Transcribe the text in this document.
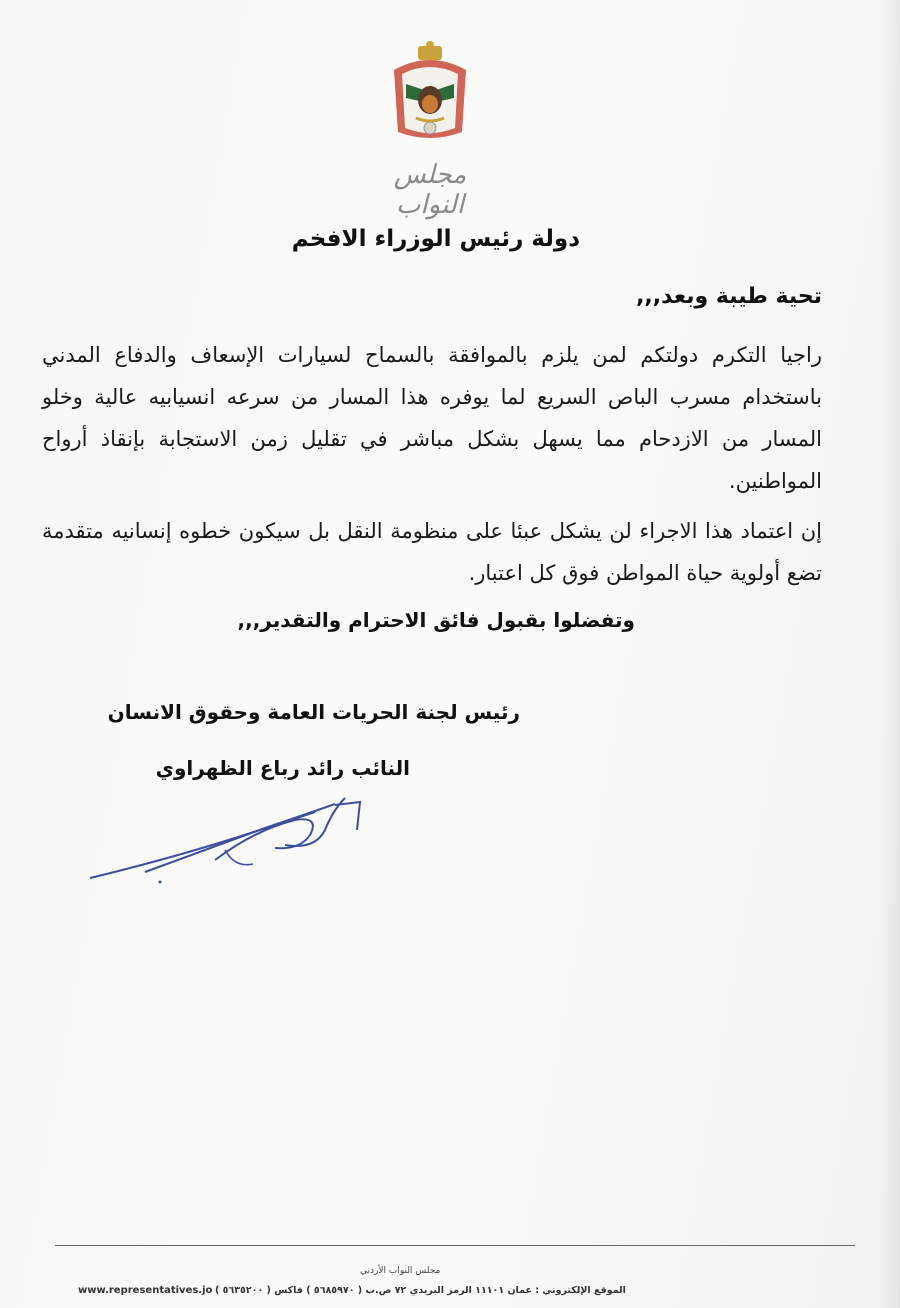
مجلس النواب
دولة رئيس الوزراء الافخم
تحية طيبة وبعد,,,
راجيا التكرم دولتكم لمن يلزم بالموافقة بالسماح لسيارات الإسعاف والدفاع المدني باستخدام مسرب الباص السريع لما يوفره هذا المسار من سرعه انسيابيه عالية وخلو المسار من الازدحام مما يسهل بشكل مباشر في تقليل زمن الاستجابة بإنقاذ أرواح المواطنين.
إن اعتماد هذا الاجراء لن يشكل عبئا على منظومة النقل بل سيكون خطوه إنسانيه متقدمة تضع أولوية حياة المواطن فوق كل اعتبار.
وتفضلوا بقبول فائق الاحترام والتقدير,,,
رئيس لجنة الحريات العامة وحقوق الانسان
النائب رائد رباع الظهراوي
مجلس النواب الأردني
www.representatives.jo الموقع الإلكتروني : عمان ١١١٠١ الرمز البريدي ٧٢ ص.ب ( ٥٦٨٥٩٧٠ ) فاكس ( ٥٦٣٥٢٠٠ )
